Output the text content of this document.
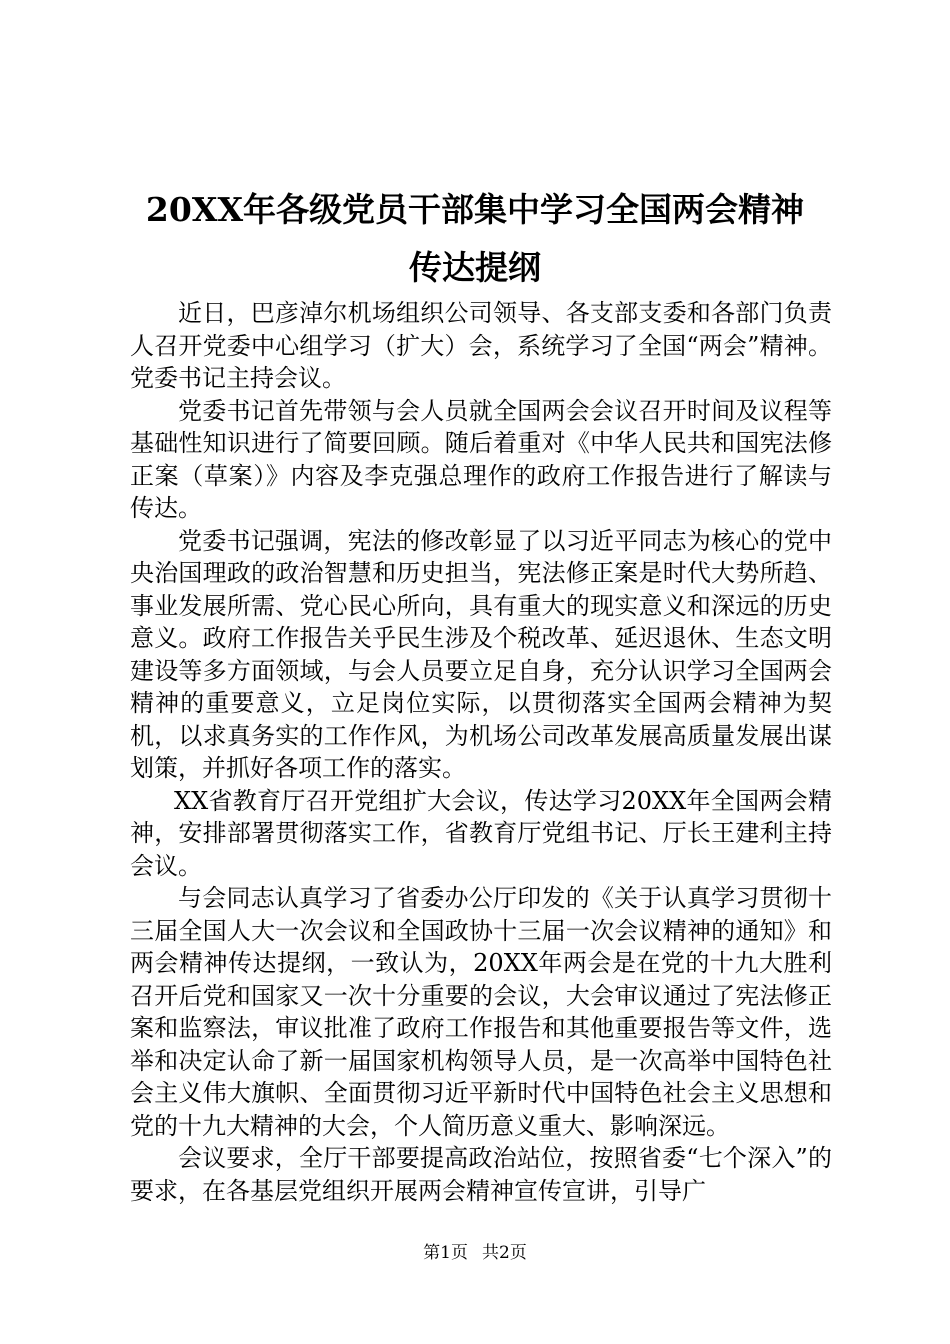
20XX年各级党员干部集中学习全国两会精神
传达提纲

近日，巴彦淖尔机场组织公司领导、各支部支委和各部门负责人召开党委中心组学习（扩大）会，系统学习了全国“两会”精神。党委书记主持会议。

党委书记首先带领与会人员就全国两会会议召开时间及议程等基础性知识进行了简要回顾。随后着重对《中华人民共和国宪法修正案（草案）》内容及李克强总理作的政府工作报告进行了解读与传达。

党委书记强调，宪法的修改彰显了以习近平同志为核心的党中央治国理政的政治智慧和历史担当，宪法修正案是时代大势所趋、事业发展所需、党心民心所向，具有重大的现实意义和深远的历史意义。政府工作报告关乎民生涉及个税改革、延迟退休、生态文明建设等多方面领域，与会人员要立足自身，充分认识学习全国两会精神的重要意义，立足岗位实际，以贯彻落实全国两会精神为契机，以求真务实的工作作风，为机场公司改革发展高质量发展出谋划策，并抓好各项工作的落实。

XX省教育厅召开党组扩大会议，传达学习20XX年全国两会精神，安排部署贯彻落实工作，省教育厅党组书记、厅长王建利主持会议。

与会同志认真学习了省委办公厅印发的《关于认真学习贯彻十三届全国人大一次会议和全国政协十三届一次会议精神的通知》和两会精神传达提纲，一致认为，20XX年两会是在党的十九大胜利召开后党和国家又一次十分重要的会议，大会审议通过了宪法修正案和监察法，审议批准了政府工作报告和其他重要报告等文件，选举和决定认命了新一届国家机构领导人员，是一次高举中国特色社会主义伟大旗帜、全面贯彻习近平新时代中国特色社会主义思想和党的十九大精神的大会，个人简历意义重大、影响深远。

会议要求，全厅干部要提高政治站位，按照省委“七个深入”的要求，在各基层党组织开展两会精神宣传宣讲，引导广

第1页 共2页
